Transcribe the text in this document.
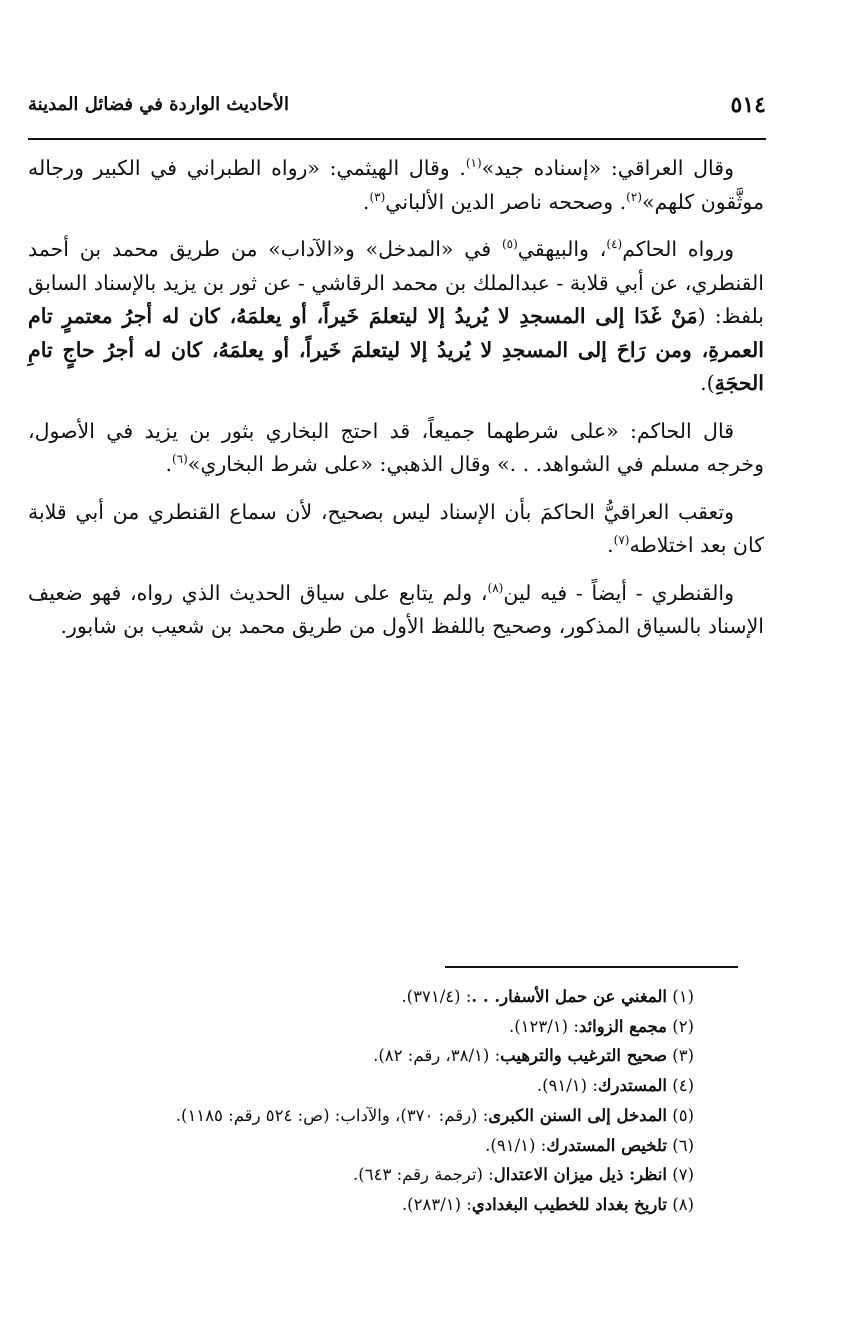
٥١٤
الأحاديث الواردة في فضائل المدينة

وقال العراقي: «إسناده جيد»$^{(١)}$. وقال الهيثمي: «رواه الطبراني في الكبير ورجاله موثَّقون كلهم»$^{(٢)}$. وصححه ناصر الدين الألباني$^{(٣)}$.

ورواه الحاكم$^{(٤)}$، والبيهقي$^{(٥)}$ في «المدخل» و«الآداب» من طريق محمد بن أحمد القنطري، عن أبي قلابة - عبدالملك بن محمد الرقاشي - عن ثور بن يزيد بالإسناد السابق بلفظ: (مَنْ غَدَا إلى المسجدِ لا يُريدُ إلا ليتعلمَ خَيراً، أو يعلمَهُ، كان له أجرُ معتمرٍ تام العمرةِ، ومن رَاحَ إلى المسجدِ لا يُريدُ إلا ليتعلمَ خَيراً، أو يعلمَهُ، كان له أجرُ حاجٍ تامِ الحجَةِ).

قال الحاكم: «على شرطهما جميعاً، قد احتج البخاري بثور بن يزيد في الأصول، وخرجه مسلم في الشواهد. . .» وقال الذهبي: «على شرط البخاري»$^{(٦)}$.

وتعقب العراقيُّ الحاكمَ بأن الإسناد ليس بصحيح، لأن سماع القنطري من أبي قلابة كان بعد اختلاطه$^{(٧)}$.

والقنطري - أيضاً - فيه لين$^{(٨)}$، ولم يتابع على سياق الحديث الذي رواه، فهو ضعيف الإسناد بالسياق المذكور، وصحيح باللفظ الأول من طريق محمد بن شعيب بن شابور.

(١) المغني عن حمل الأسفار. . .: (٣٧١/٤).
(٢) مجمع الزوائد: (١٢٣/١).
(٣) صحيح الترغيب والترهيب: (٣٨/١، رقم: ٨٢).
(٤) المستدرك: (٩١/١).
(٥) المدخل إلى السنن الكبرى: (رقم: ٣٧٠)، والآداب: (ص: ٥٢٤ رقم: ١١٨٥).
(٦) تلخيص المستدرك: (٩١/١).
(٧) انظر: ذيل ميزان الاعتدال: (ترجمة رقم: ٦٤٣).
(٨) تاريخ بغداد للخطيب البغدادي: (٢٨٣/١).
